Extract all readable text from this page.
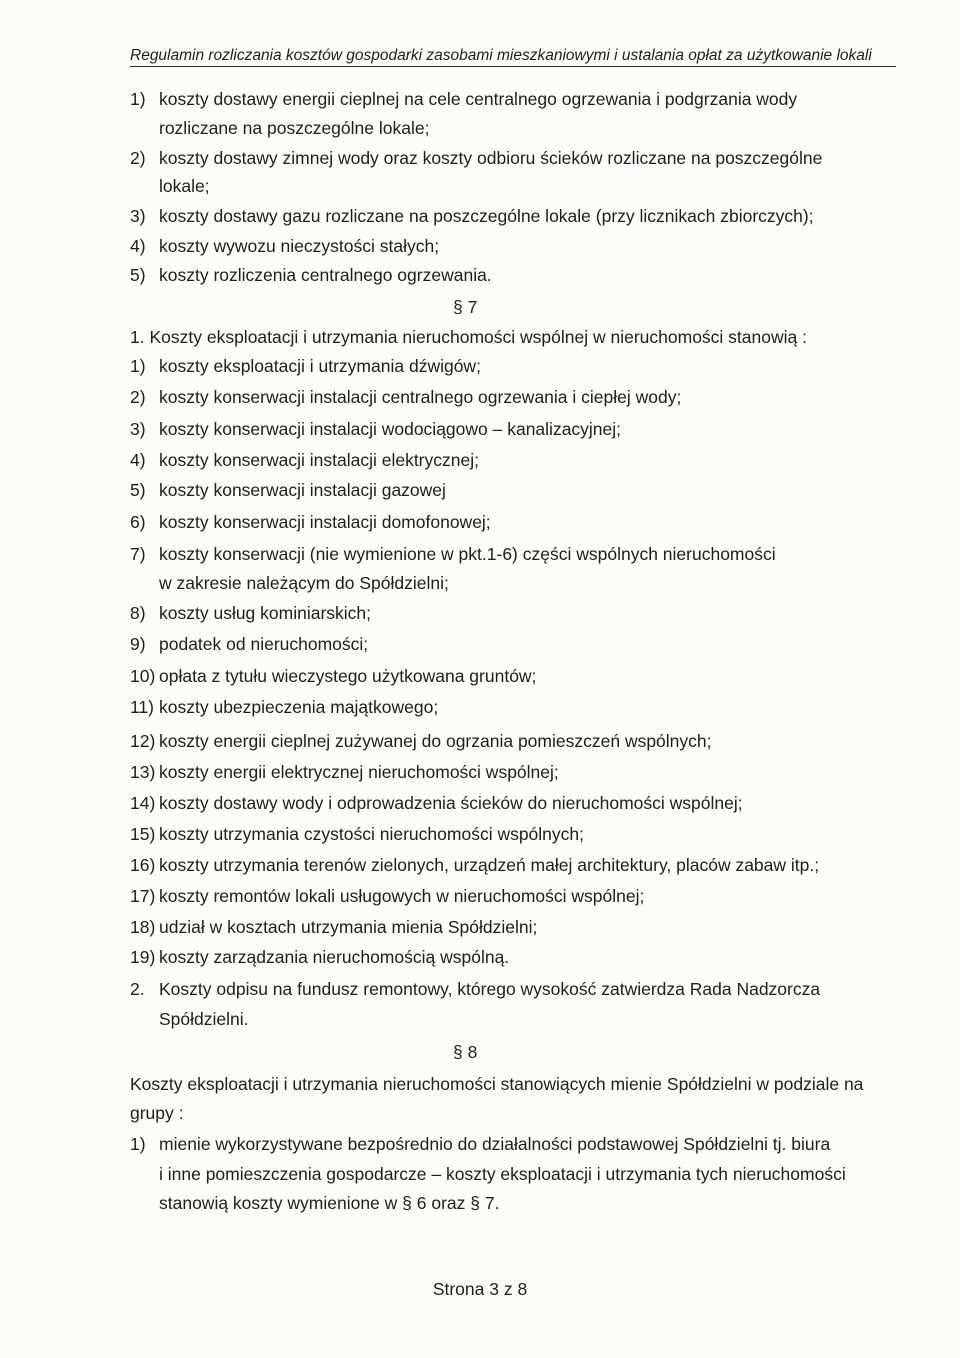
Regulamin rozliczania kosztów gospodarki zasobami mieszkaniowymi i ustalania opłat za użytkowanie lokali
1) koszty dostawy energii cieplnej na cele centralnego ogrzewania i podgrzania wody
rozliczane na poszczególne lokale;
2) koszty dostawy zimnej wody oraz koszty odbioru ścieków rozliczane na poszczególne
lokale;
3) koszty dostawy gazu rozliczane na poszczególne lokale (przy licznikach zbiorczych);
4) koszty wywozu nieczystości stałych;
5) koszty rozliczenia centralnego ogrzewania.
§ 7
1. Koszty eksploatacji i utrzymania nieruchomości wspólnej w nieruchomości stanowią :
1) koszty eksploatacji i utrzymania dźwigów;
2) koszty konserwacji instalacji centralnego ogrzewania i ciepłej wody;
3) koszty konserwacji instalacji wodociągowo – kanalizacyjnej;
4) koszty konserwacji instalacji elektrycznej;
5) koszty konserwacji instalacji gazowej
6) koszty konserwacji instalacji domofonowej;
7) koszty konserwacji (nie wymienione w pkt.1-6) części wspólnych nieruchomości
w zakresie należącym do Spółdzielni;
8) koszty usług kominiarskich;
9) podatek od nieruchomości;
10) opłata z tytułu wieczystego użytkowana gruntów;
11) koszty ubezpieczenia majątkowego;
12) koszty energii cieplnej zużywanej do ogrzania pomieszczeń wspólnych;
13) koszty energii elektrycznej nieruchomości wspólnej;
14) koszty dostawy wody i odprowadzenia ścieków do nieruchomości wspólnej;
15) koszty utrzymania czystości nieruchomości wspólnych;
16) koszty utrzymania terenów zielonych, urządzeń małej architektury, placów zabaw itp.;
17) koszty remontów lokali usługowych w nieruchomości wspólnej;
18) udział w kosztach utrzymania mienia Spółdzielni;
19) koszty zarządzania nieruchomością wspólną.
2. Koszty odpisu na fundusz remontowy, którego wysokość zatwierdza Rada Nadzorcza
Spółdzielni.
§ 8
Koszty eksploatacji i utrzymania nieruchomości stanowiących mienie Spółdzielni w podziale na
grupy :
1) mienie wykorzystywane bezpośrednio do działalności podstawowej Spółdzielni tj. biura
i inne pomieszczenia gospodarcze – koszty eksploatacji i utrzymania tych nieruchomości
stanowią koszty wymienione w § 6 oraz § 7.
Strona 3 z 8
